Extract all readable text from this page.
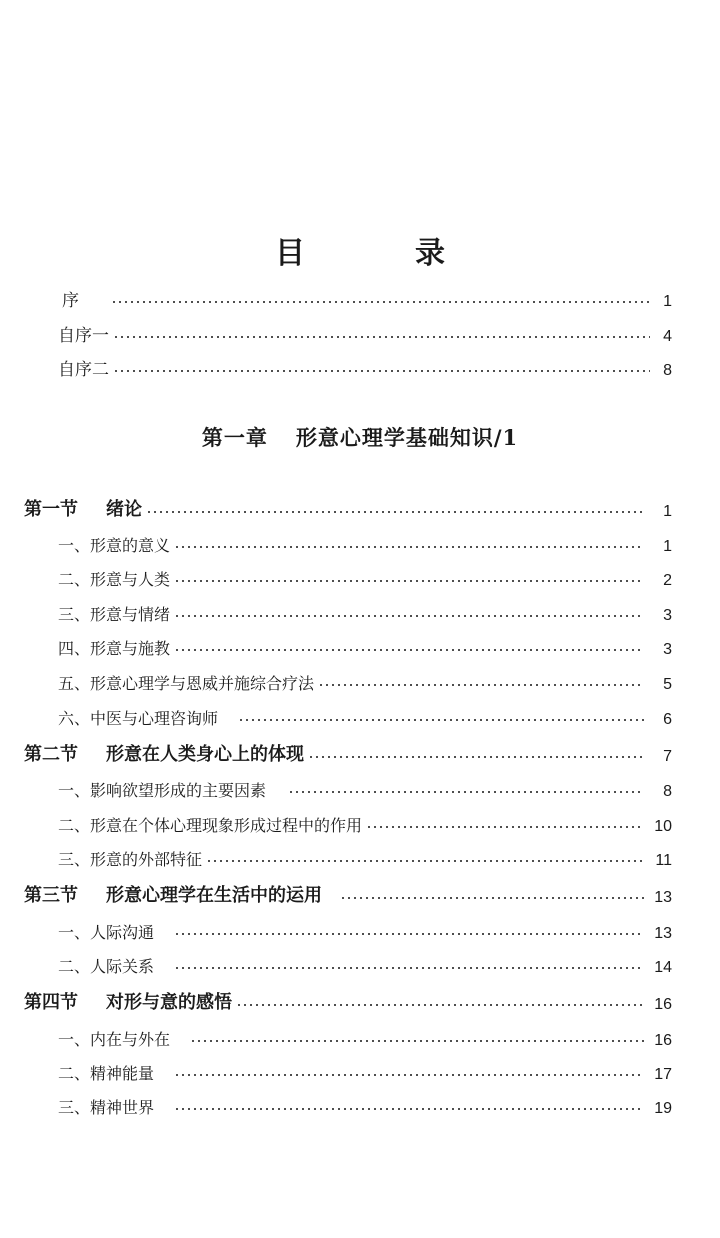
目　录
序	1
自序一	4
自序二	8
第一章 形意心理学基础知识/1
第一节 绪论	1
一、形意的意义	1
二、形意与人类	2
三、形意与情绪	3
四、形意与施教	3
五、形意心理学与恩威并施综合疗法	5
六、中医与心理咨询师	6
第二节 形意在人类身心上的体现	7
一、影响欲望形成的主要因素	8
二、形意在个体心理现象形成过程中的作用	10
三、形意的外部特征	11
第三节 形意心理学在生活中的运用	13
一、人际沟通	13
二、人际关系	14
第四节 对形与意的感悟	16
一、内在与外在	16
二、精神能量	17
三、精神世界	19
